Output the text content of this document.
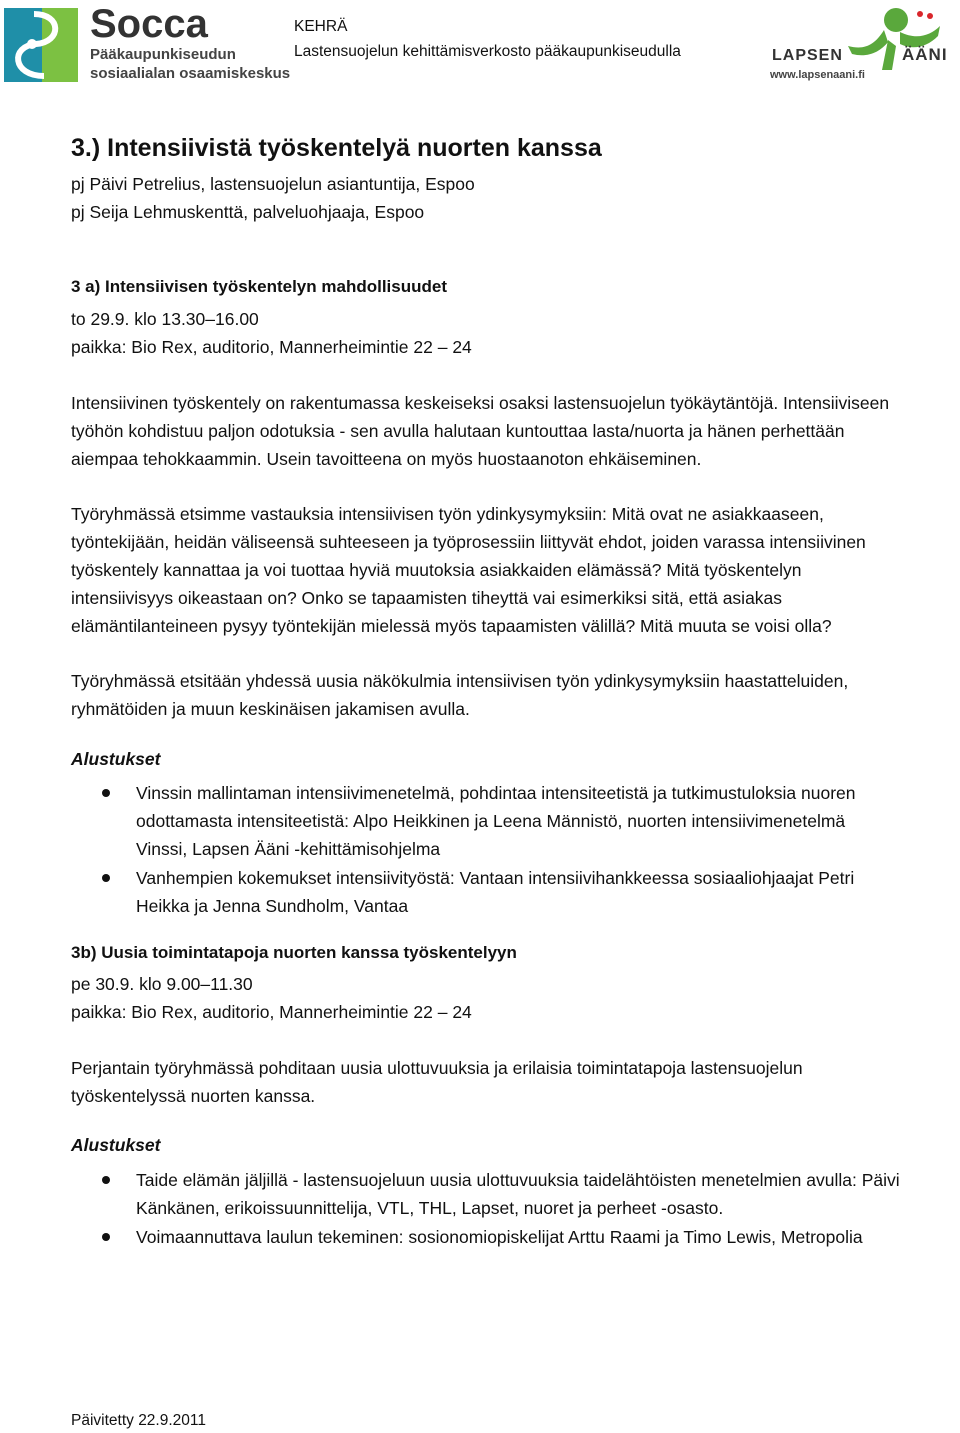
Socca
Pääkaupunkiseudun
sosiaalialan osaamiskeskus
KEHRÄ
Lastensuojelun kehittämisverkosto pääkaupunkiseudulla	LAPSEN	ÄÄNI
www.lapsenaani.fi
3.) Intensiivistä työskentelyä nuorten kanssa
pj Päivi Petrelius, lastensuojelun asiantuntija, Espoo
pj Seija Lehmuskenttä, palveluohjaaja, Espoo
3 a) Intensiivisen työskentelyn mahdollisuudet
to 29.9. klo 13.30–16.00
paikka: Bio Rex, auditorio, Mannerheimintie 22 – 24
Intensiivinen työskentely on rakentumassa keskeiseksi osaksi lastensuojelun työkäytäntöjä. Intensiiviseen
työhön kohdistuu paljon odotuksia - sen avulla halutaan kuntouttaa lasta/nuorta ja hänen perhettään
aiempaa tehokkaammin. Usein tavoitteena on myös huostaanoton ehkäiseminen.
Työryhmässä etsimme vastauksia intensiivisen työn ydinkysymyksiin: Mitä ovat ne asiakkaaseen,
työntekijään, heidän väliseensä suhteeseen ja työprosessiin liittyvät ehdot, joiden varassa intensiivinen
työskentely kannattaa ja voi tuottaa hyviä muutoksia asiakkaiden elämässä? Mitä työskentelyn
intensiivisyys oikeastaan on? Onko se tapaamisten tiheyttä vai esimerkiksi sitä, että asiakas
elämäntilanteineen pysyy työntekijän mielessä myös tapaamisten välillä? Mitä muuta se voisi olla?
Työryhmässä etsitään yhdessä uusia näkökulmia intensiivisen työn ydinkysymyksiin haastatteluiden,
ryhmätöiden ja muun keskinäisen jakamisen avulla.
Alustukset
Vinssin mallintaman intensiivimenetelmä, pohdintaa intensiteetistä ja tutkimustuloksia nuoren
odottamasta intensiteetistä: Alpo Heikkinen ja Leena Männistö, nuorten intensiivimenetelmä
Vinssi, Lapsen Ääni -kehittämisohjelma
Vanhempien kokemukset intensiivityöstä: Vantaan intensiivihankkeessa sosiaaliohjaajat Petri
Heikka ja Jenna Sundholm, Vantaa
3b) Uusia toimintatapoja nuorten kanssa työskentelyyn
pe 30.9. klo 9.00–11.30
paikka: Bio Rex, auditorio, Mannerheimintie 22 – 24
Perjantain työryhmässä pohditaan uusia ulottuvuuksia ja erilaisia toimintatapoja lastensuojelun
työskentelyssä nuorten kanssa.
Alustukset
Taide elämän jäljillä - lastensuojeluun uusia ulottuvuuksia taidelähtöisten menetelmien avulla: Päivi
Känkänen, erikoissuunnittelija, VTL, THL, Lapset, nuoret ja perheet -osasto.
Voimaannuttava laulun tekeminen: sosionomiopiskelijat Arttu Raami ja Timo Lewis, Metropolia
Päivitetty 22.9.2011
